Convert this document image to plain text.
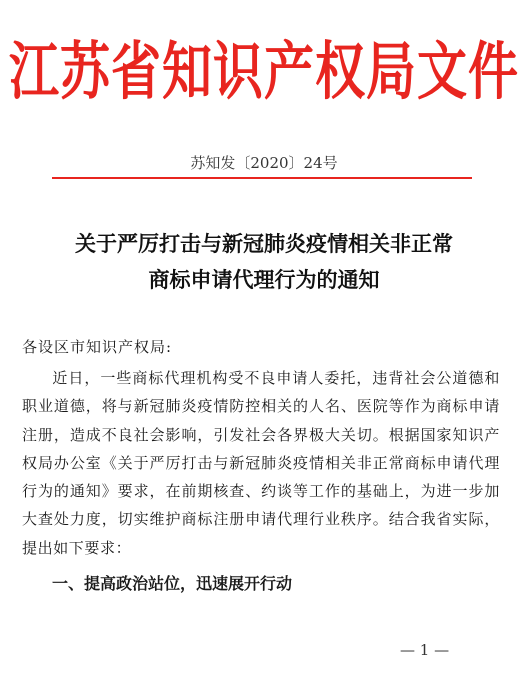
江苏省知识产权局文件
苏知发〔2020〕24号
关于严厉打击与新冠肺炎疫情相关非正常
商标申请代理行为的通知
各设区市知识产权局:

近日，一些商标代理机构受不良申请人委托，违背社会公道德和职业道德，将与新冠肺炎疫情防控相关的人名、医院等作为商标申请注册，造成不良社会影响，引发社会各界极大关切。根据国家知识产权局办公室《关于严厉打击与新冠肺炎疫情相关非正常商标申请代理行为的通知》要求，在前期核查、约谈等工作的基础上，为进一步加大查处力度，切实维护商标注册申请代理行业秩序。结合我省实际，提出如下要求：

一、提高政治站位，迅速展开行动
— 1 —
